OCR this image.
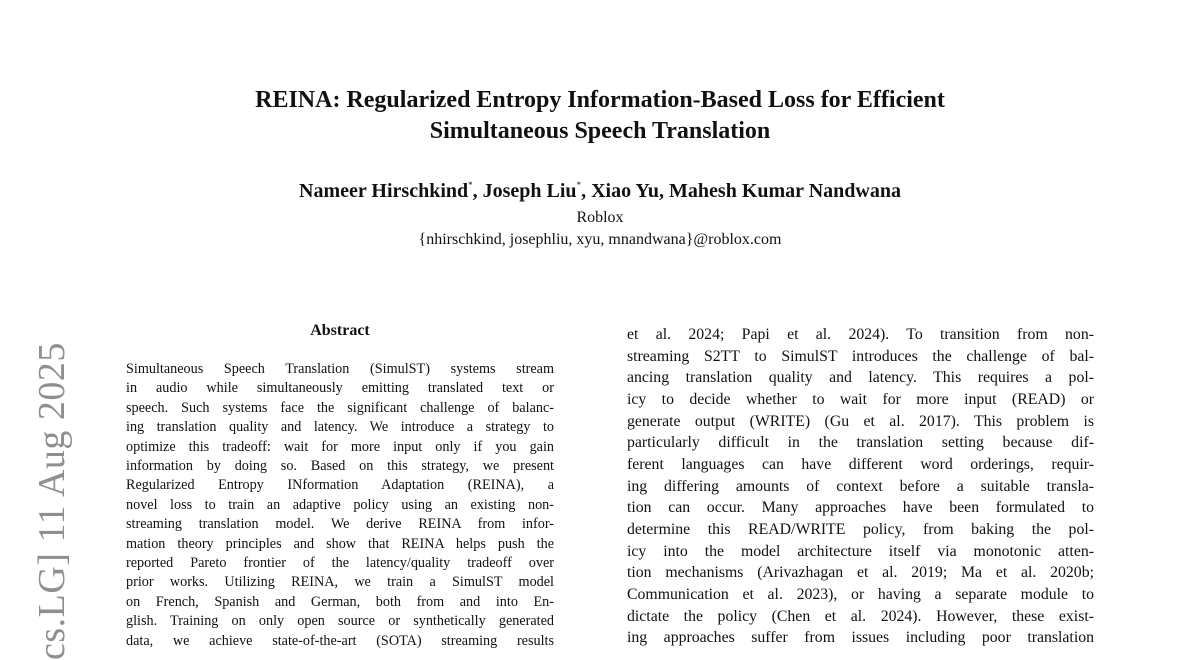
REINA: Regularized Entropy Information-Based Loss for Efficient
Simultaneous Speech Translation
Nameer Hirschkind*, Joseph Liu*, Xiao Yu, Mahesh Kumar Nandwana
Roblox
{nhirschkind, josephliu, xyu, mnandwana}@roblox.com
cs.LG] 11 Aug 2025
Abstract
Simultaneous Speech Translation (SimulST) systems stream
in audio while simultaneously emitting translated text or
speech. Such systems face the significant challenge of balanc-
ing translation quality and latency. We introduce a strategy to
optimize this tradeoff: wait for more input only if you gain
information by doing so. Based on this strategy, we present
Regularized Entropy INformation Adaptation (REINA), a
novel loss to train an adaptive policy using an existing non-
streaming translation model. We derive REINA from infor-
mation theory principles and show that REINA helps push the
reported Pareto frontier of the latency/quality tradeoff over
prior works. Utilizing REINA, we train a SimulST model
on French, Spanish and German, both from and into En-
glish. Training on only open source or synthetically generated
data, we achieve state-of-the-art (SOTA) streaming results
et al. 2024; Papi et al. 2024). To transition from non-
streaming S2TT to SimulST introduces the challenge of bal-
ancing translation quality and latency. This requires a pol-
icy to decide whether to wait for more input (READ) or
generate output (WRITE) (Gu et al. 2017). This problem is
particularly difficult in the translation setting because dif-
ferent languages can have different word orderings, requir-
ing differing amounts of context before a suitable transla-
tion can occur. Many approaches have been formulated to
determine this READ/WRITE policy, from baking the pol-
icy into the model architecture itself via monotonic atten-
tion mechanisms (Arivazhagan et al. 2019; Ma et al. 2020b;
Communication et al. 2023), or having a separate module to
dictate the policy (Chen et al. 2024). However, these exist-
ing approaches suffer from issues including poor translation
